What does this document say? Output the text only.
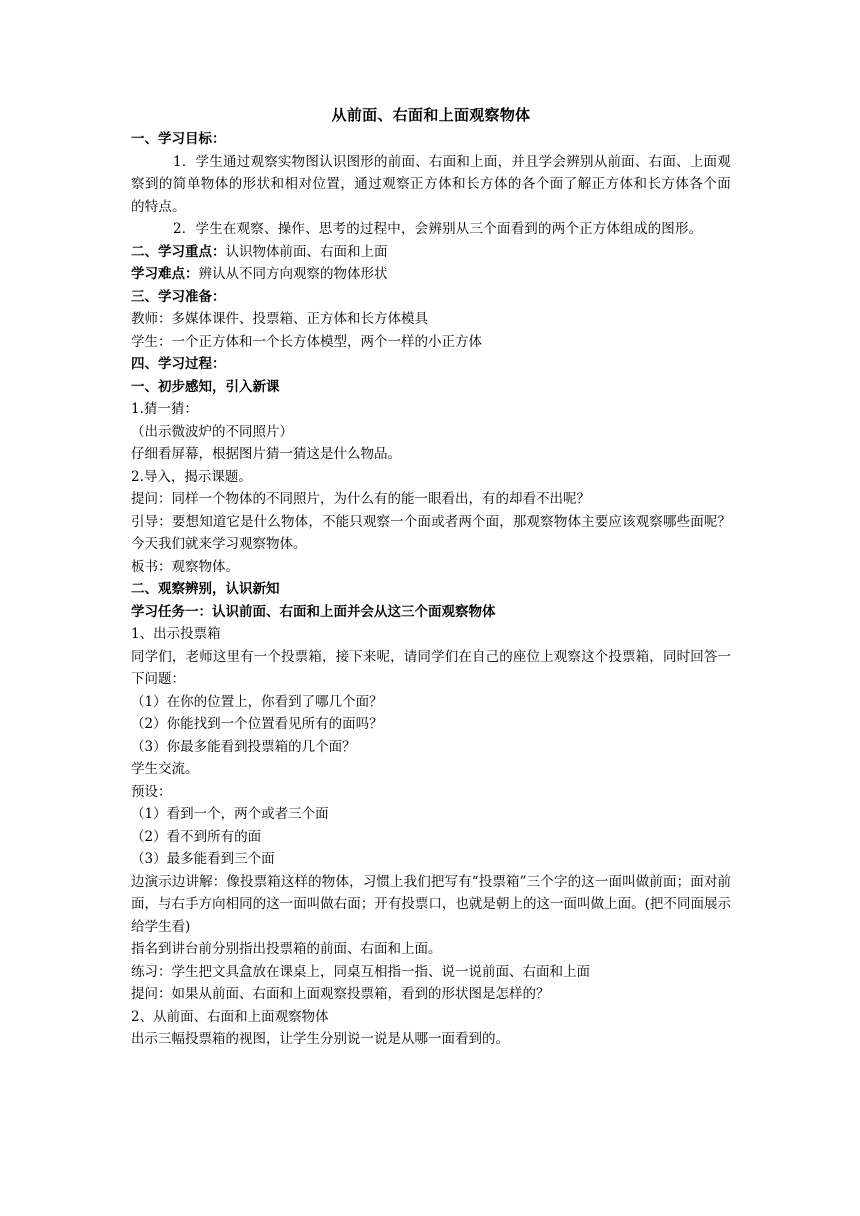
从前面、右面和上面观察物体

一、学习目标：

1．学生通过观察实物图认识图形的前面、右面和上面，并且学会辨别从前面、右面、上面观察到的简单物体的形状和相对位置，通过观察正方体和长方体的各个面了解正方体和长方体各个面的特点。

2．学生在观察、操作、思考的过程中，会辨别从三个面看到的两个正方体组成的图形。

二、学习重点：认识物体前面、右面和上面

学习难点：辨认从不同方向观察的物体形状

三、学习准备：

教师：多媒体课件、投票箱、正方体和长方体模具

学生：一个正方体和一个长方体模型，两个一样的小正方体

四、学习过程：

一、初步感知，引入新课

1.猜一猜：

（出示微波炉的不同照片）

仔细看屏幕，根据图片猜一猜这是什么物品。

2.导入，揭示课题。

提问：同样一个物体的不同照片，为什么有的能一眼看出，有的却看不出呢？

引导：要想知道它是什么物体，不能只观察一个面或者两个面，那观察物体主要应该观察哪些面呢？今天我们就来学习观察物体。

板书：观察物体。

二、观察辨别，认识新知

学习任务一：认识前面、右面和上面并会从这三个面观察物体

1、出示投票箱

同学们，老师这里有一个投票箱，接下来呢，请同学们在自己的座位上观察这个投票箱，同时回答一下问题：

（1）在你的位置上，你看到了哪几个面？

（2）你能找到一个位置看见所有的面吗？

（3）你最多能看到投票箱的几个面？

学生交流。

预设：

（1）看到一个，两个或者三个面

（2）看不到所有的面

（3）最多能看到三个面

边演示边讲解：像投票箱这样的物体，习惯上我们把写有“投票箱”三个字的这一面叫做前面；面对前面，与右手方向相同的这一面叫做右面；开有投票口，也就是朝上的这一面叫做上面。(把不同面展示给学生看)

指名到讲台前分别指出投票箱的前面、右面和上面。

练习：学生把文具盒放在课桌上，同桌互相指一指、说一说前面、右面和上面

提问：如果从前面、右面和上面观察投票箱，看到的形状图是怎样的？

2、从前面、右面和上面观察物体

出示三幅投票箱的视图，让学生分别说一说是从哪一面看到的。
